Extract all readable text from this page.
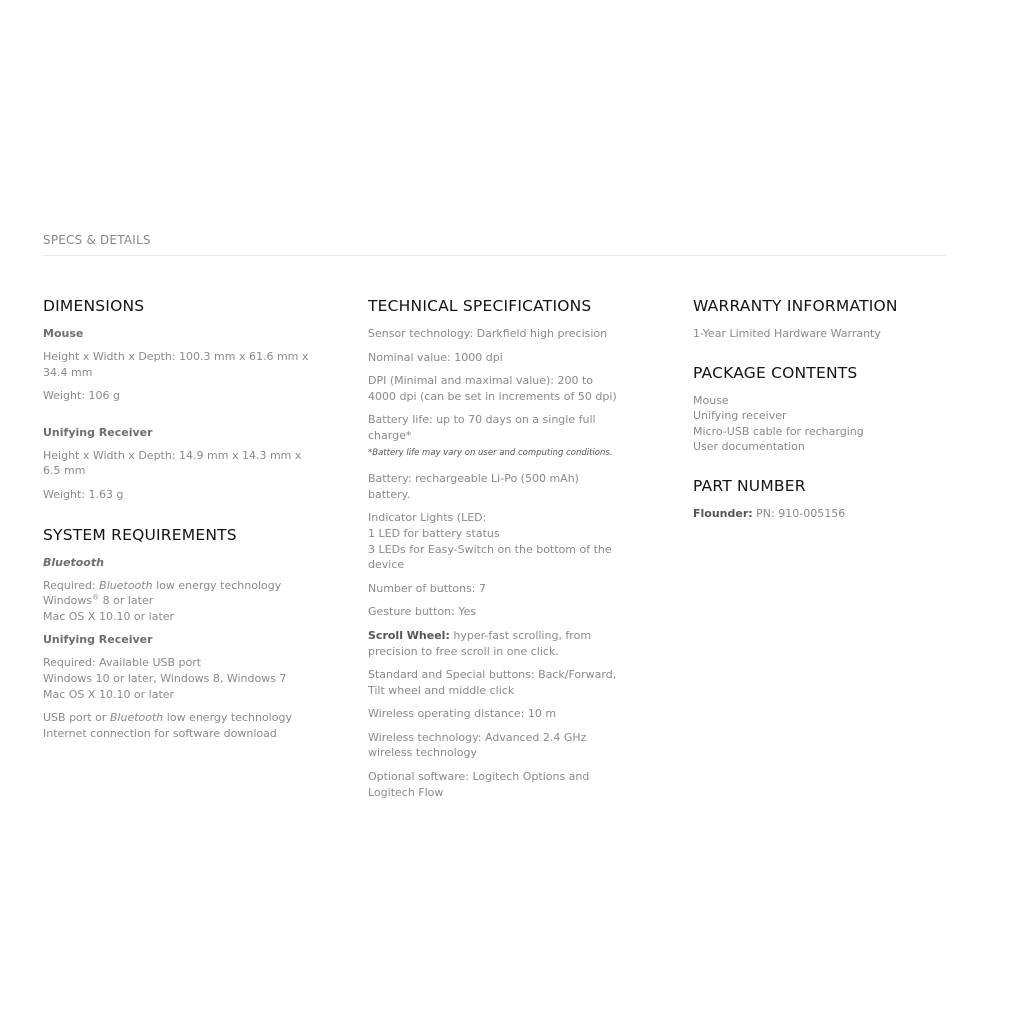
SPECS & DETAILS
DIMENSIONS
Mouse

Height x Width x Depth: 100.3 mm x 61.6 mm x 34.4 mm

Weight: 106 g

Unifying Receiver

Height x Width x Depth: 14.9 mm x 14.3 mm x 6.5 mm

Weight: 1.63 g

SYSTEM REQUIREMENTS
Bluetooth

Required: Bluetooth low energy technology
Windows® 8 or later
Mac OS X 10.10 or later

Unifying Receiver

Required: Available USB port
Windows 10 or later, Windows 8, Windows 7
Mac OS X 10.10 or later

USB port or Bluetooth low energy technology
Internet connection for software download

TECHNICAL SPECIFICATIONS

Sensor technology: Darkfield high precision

Nominal value: 1000 dpi

DPI (Minimal and maximal value): 200 to 4000 dpi (can be set in increments of 50 dpi)

Battery life: up to 70 days on a single full charge*

*Battery life may vary on user and computing conditions.

Battery: rechargeable Li-Po (500 mAh) battery.

Indicator Lights (LED:
1 LED for battery status
3 LEDs for Easy-Switch on the bottom of the device

Number of buttons: 7

Gesture button: Yes

Scroll Wheel: hyper-fast scrolling, from precision to free scroll in one click.

Standard and Special buttons: Back/Forward, Tilt wheel and middle click

Wireless operating distance: 10 m

Wireless technology: Advanced 2.4 GHz wireless technology

Optional software: Logitech Options and Logitech Flow

WARRANTY INFORMATION

1-Year Limited Hardware Warranty

PACKAGE CONTENTS

Mouse
Unifying receiver
Micro-USB cable for recharging
User documentation

PART NUMBER

Flounder: PN: 910-005156
